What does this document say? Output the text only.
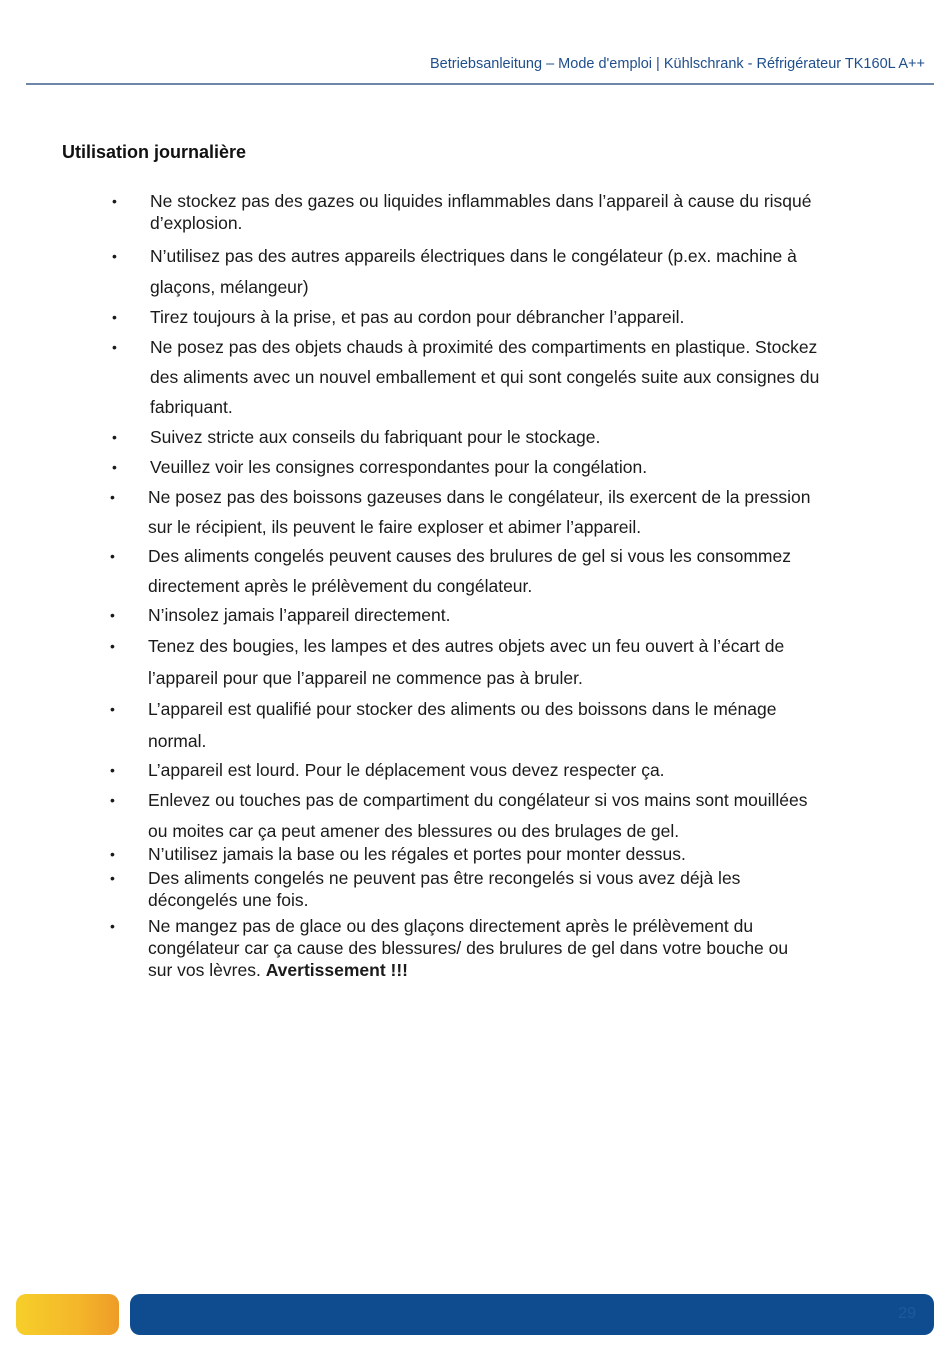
Betriebsanleitung – Mode d'emploi | Kühlschrank - Réfrigérateur TK160L A++
Utilisation journalière
• Ne stockez pas des gazes ou liquides inflammables dans l’appareil à cause du risqué
d’explosion.
• N’utilisez pas des autres appareils électriques dans le congélateur (p.ex. machine à
glaçons, mélangeur)
• Tirez toujours à la prise, et pas au cordon pour débrancher l’appareil.
• Ne posez pas des objets chauds à proximité des compartiments en plastique. Stockez
des aliments avec un nouvel emballement et qui sont congelés suite aux consignes du
fabriquant.
• Suivez stricte aux conseils du fabriquant pour le stockage.
• Veuillez voir les consignes correspondantes pour la congélation.
• Ne posez pas des boissons gazeuses dans le congélateur, ils exercent de la pression
sur le récipient, ils peuvent le faire exploser et abimer l’appareil.
• Des aliments congelés peuvent causes des brulures de gel si vous les consommez
directement après le prélèvement du congélateur.
• N’insolez jamais l’appareil directement.
• Tenez des bougies, les lampes et des autres objets avec un feu ouvert à l’écart de
l’appareil pour que l’appareil ne commence pas à bruler.
• L’appareil est qualifié pour stocker des aliments ou des boissons dans le ménage
normal.
• L’appareil est lourd. Pour le déplacement vous devez respecter ça.
• Enlevez ou touches pas de compartiment du congélateur si vos mains sont mouillées
ou moites car ça peut amener des blessures ou des brulages de gel.
• N’utilisez jamais la base ou les régales et portes pour monter dessus.
• Des aliments congelés ne peuvent pas être recongelés si vous avez déjà les
décongelés une fois.
• Ne mangez pas de glace ou des glaçons directement après le prélèvement du
congélateur car ça cause des blessures/ des brulures de gel dans votre bouche ou
sur vos lèvres. Avertissement !!!
29
